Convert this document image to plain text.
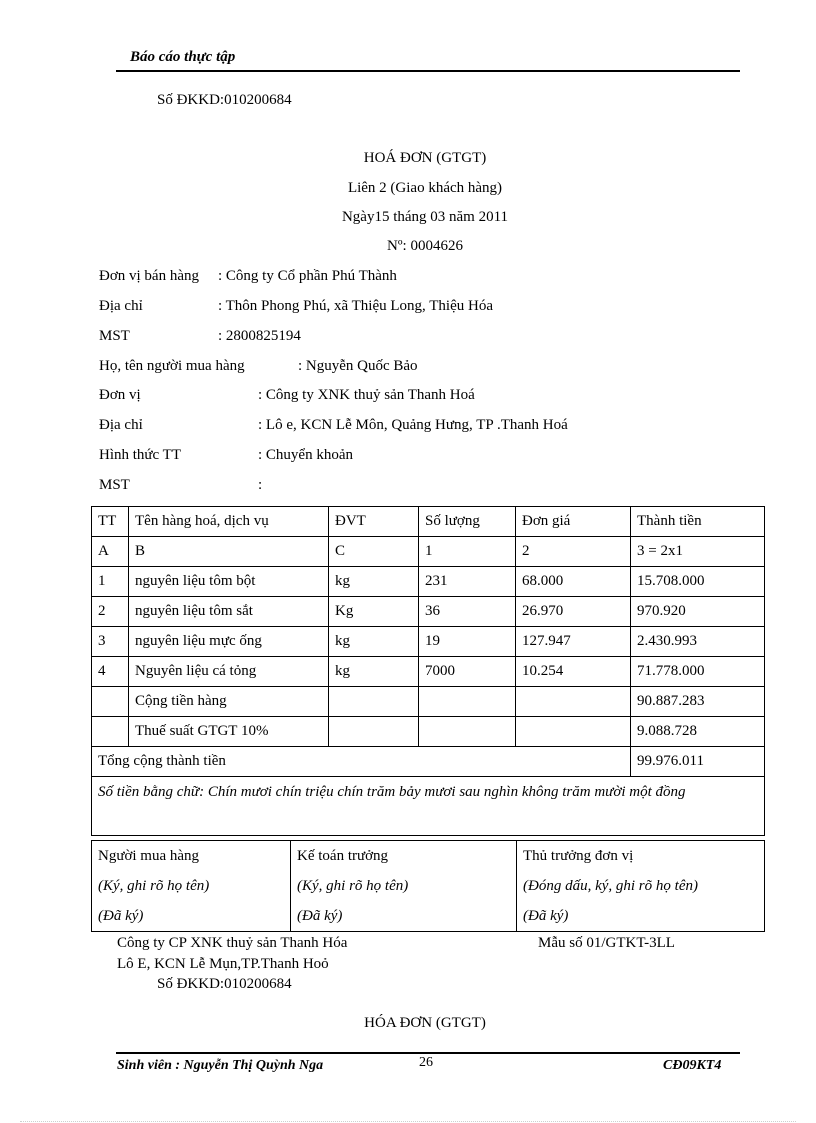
Báo cáo thực tập
Số ĐKKD:010200684
HOÁ ĐƠN (GTGT)
Liên 2 (Giao khách hàng)
Ngày15 tháng 03 năm 2011
Nº: 0004626
Đơn vị bán hàng : Công ty Cổ phần Phú Thành
Địa chỉ	: Thôn Phong Phú, xã Thiệu Long, Thiệu Hóa
MST	: 2800825194
Họ, tên người mua hàng	: Nguyễn Quốc Bảo
Đơn vị	: Công ty XNK thuỷ sản Thanh Hoá
Địa chỉ	: Lô e, KCN Lễ Môn, Quảng Hưng, TP .Thanh Hoá
Hình thức TT	: Chuyển khoản
MST	:
TT	Tên hàng hoá, dịch vụ	ĐVT	Số lượng	Đơn giá	Thành tiền
A	B	C	1	2	3 = 2x1
1	nguyên liệu tôm bột	kg	231	68.000	15.708.000
2	nguyên liệu tôm sắt	Kg	36	26.970	970.920
3	nguyên liệu mực ống	kg	19	127.947	2.430.993
4	Nguyên liệu cá tỏng	kg	7000	10.254	71.778.000
	Cộng tiền hàng				90.887.283
	Thuế suất GTGT 10%				9.088.728
Tổng cộng thành tiền					99.976.011
Số tiền bằng chữ: Chín mươi chín triệu chín trăm bảy mươi sau nghìn không trăm mười một đồng					
Người mua hàng	Kế toán trưởng	Thủ trưởng đơn vị
(Ký, ghi rõ họ tên)	(Ký, ghi rõ họ tên)	(Đóng dấu, ký, ghi rõ họ tên)
(Đã ký)	(Đã ký)	(Đã ký)
Công ty CP XNK thuỷ sản Thanh Hóa	Mẫu số 01/GTKT-3LL
Lô E, KCN Lễ Mụn,TP.Thanh Hoỏ
Số ĐKKD:010200684
HÓA ĐƠN (GTGT)
Sinh viên : Nguyễn Thị Quỳnh Nga	26	CĐ09KT4
